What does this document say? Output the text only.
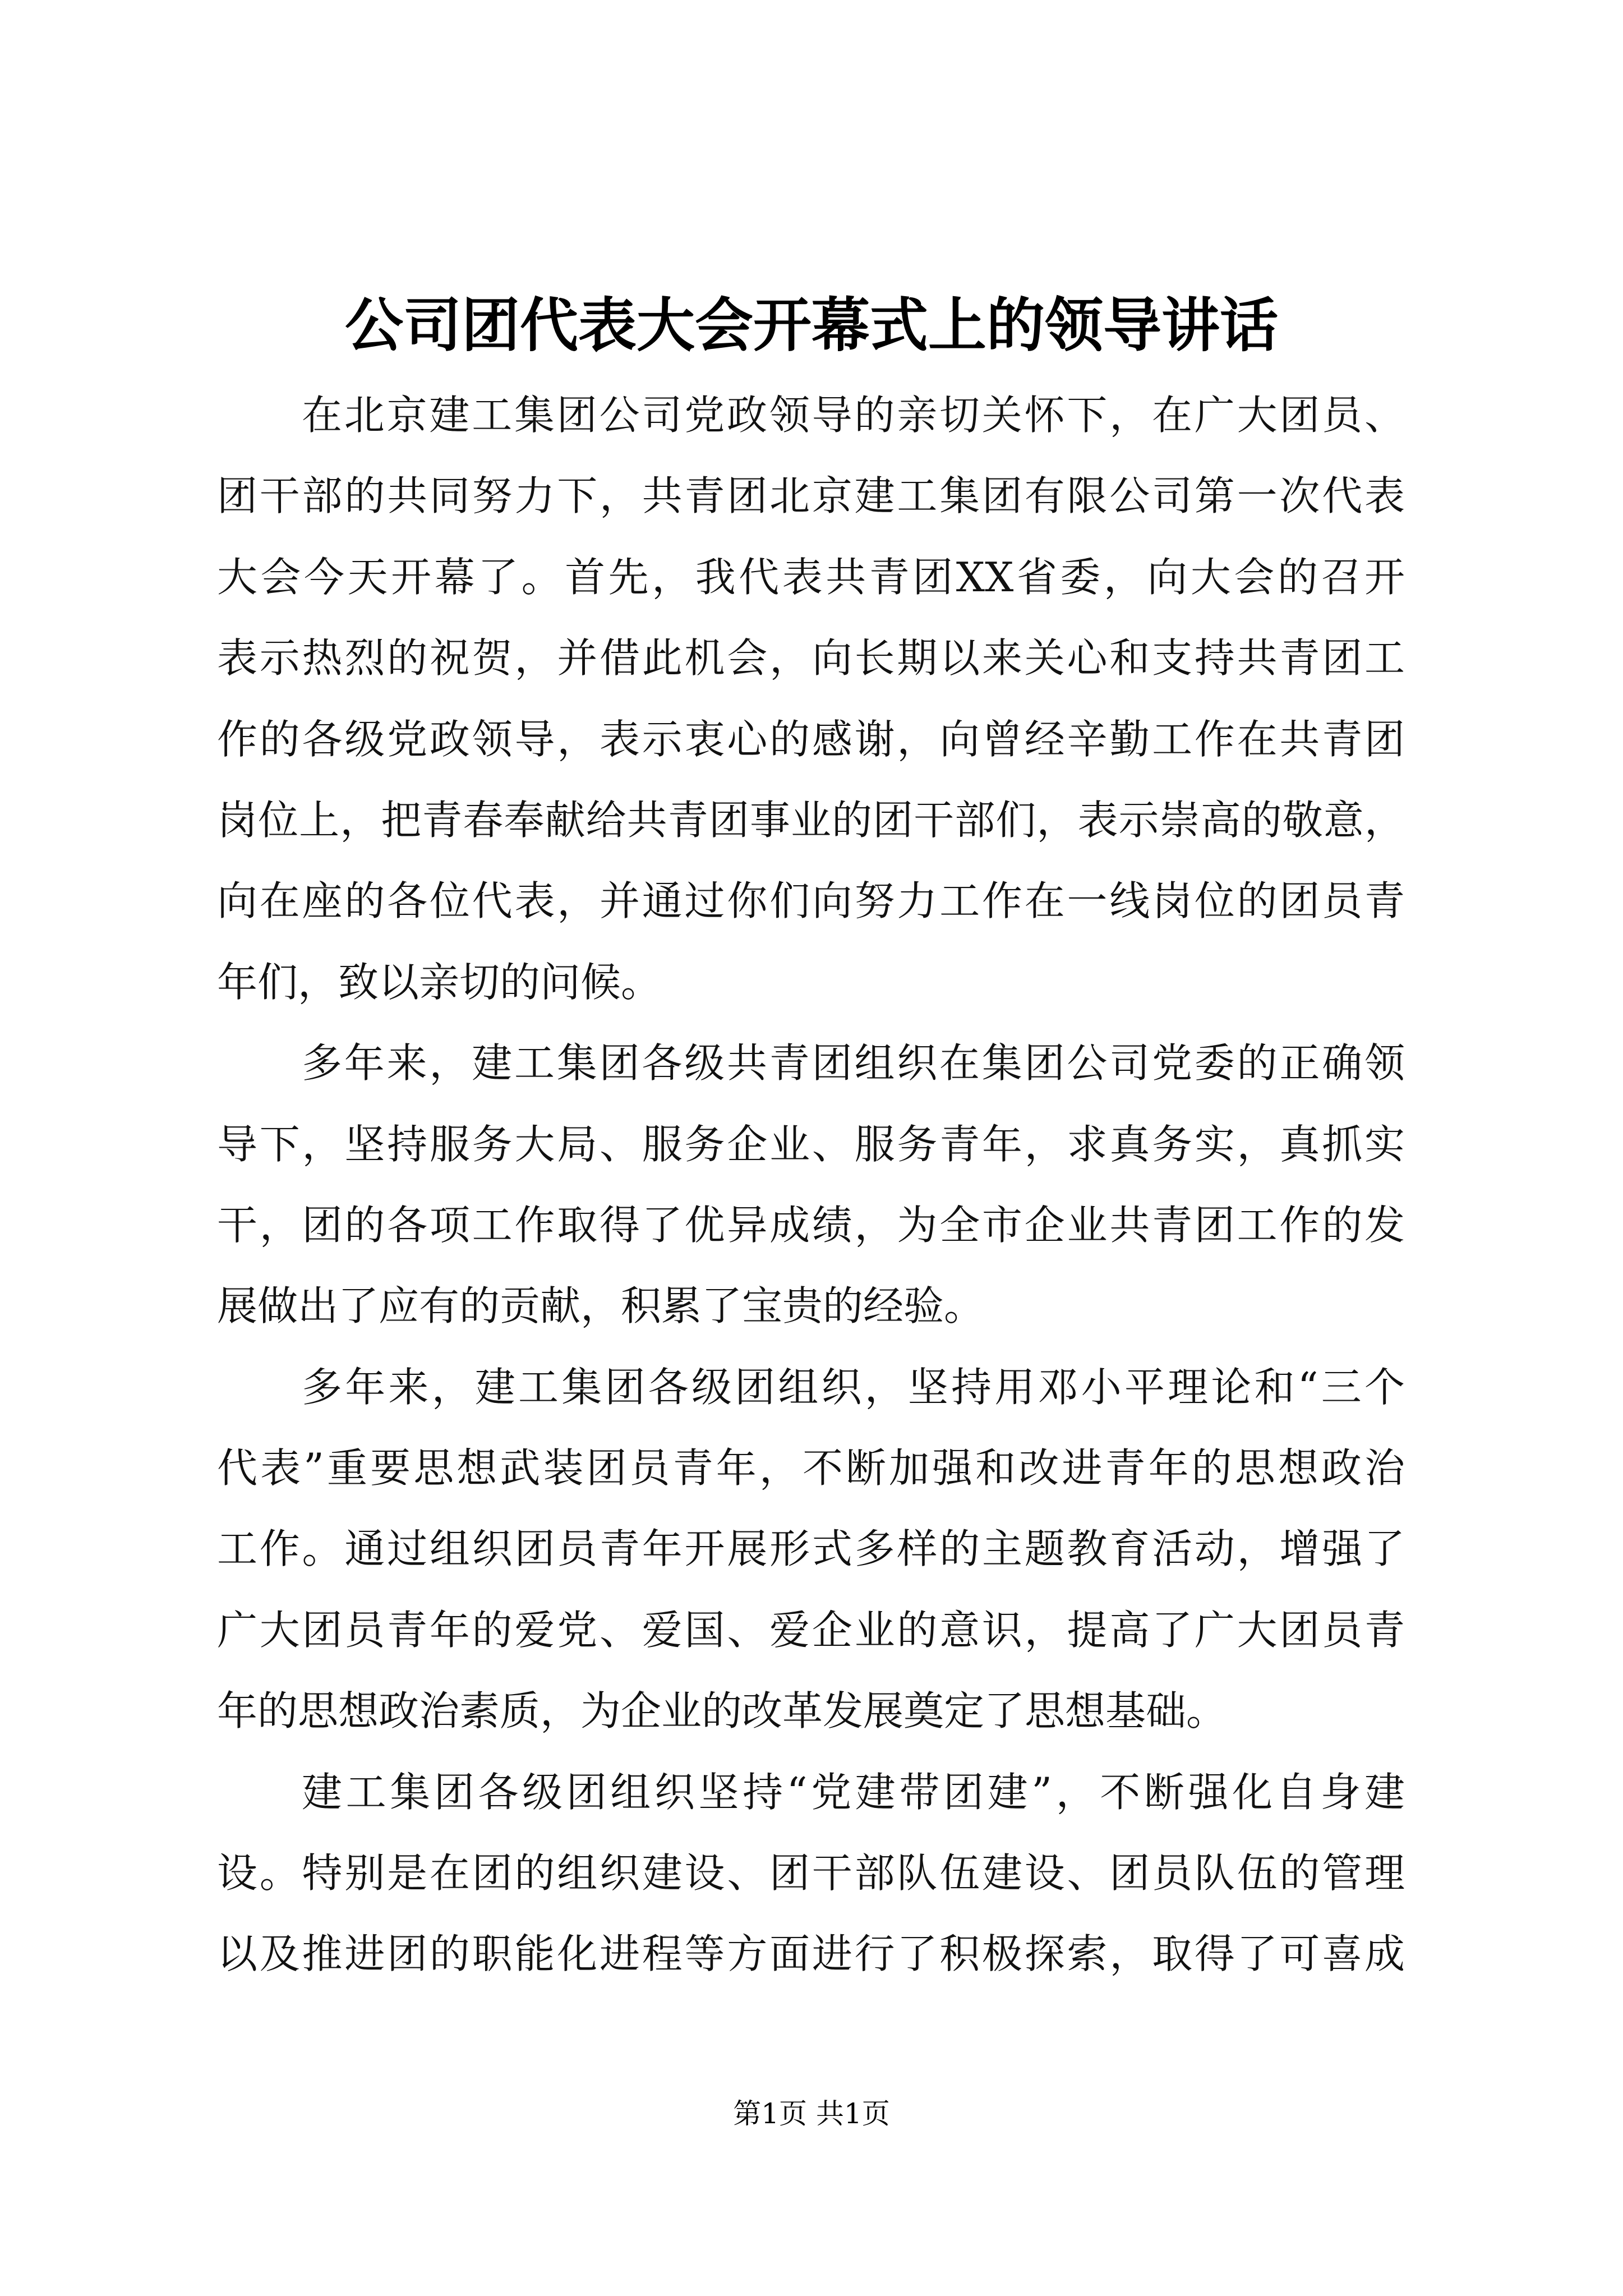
公司团代表大会开幕式上的领导讲话
在北京建工集团公司党政领导的亲切关怀下，在广大团员、
团干部的共同努力下，共青团北京建工集团有限公司第一次代表
大会今天开幕了。首先，我代表共青团XX省委，向大会的召开
表示热烈的祝贺，并借此机会，向长期以来关心和支持共青团工
作的各级党政领导，表示衷心的感谢，向曾经辛勤工作在共青团
岗位上，把青春奉献给共青团事业的团干部们，表示崇高的敬意，
向在座的各位代表，并通过你们向努力工作在一线岗位的团员青
年们，致以亲切的问候。
多年来，建工集团各级共青团组织在集团公司党委的正确领
导下，坚持服务大局、服务企业、服务青年，求真务实，真抓实
干，团的各项工作取得了优异成绩，为全市企业共青团工作的发
展做出了应有的贡献，积累了宝贵的经验。
多年来，建工集团各级团组织，坚持用邓小平理论和“三个
代表”重要思想武装团员青年，不断加强和改进青年的思想政治
工作。通过组织团员青年开展形式多样的主题教育活动，增强了
广大团员青年的爱党、爱国、爱企业的意识，提高了广大团员青
年的思想政治素质，为企业的改革发展奠定了思想基础。
建工集团各级团组织坚持“党建带团建”，不断强化自身建
设。特别是在团的组织建设、团干部队伍建设、团员队伍的管理
以及推进团的职能化进程等方面进行了积极探索，取得了可喜成
第1页 共1页
